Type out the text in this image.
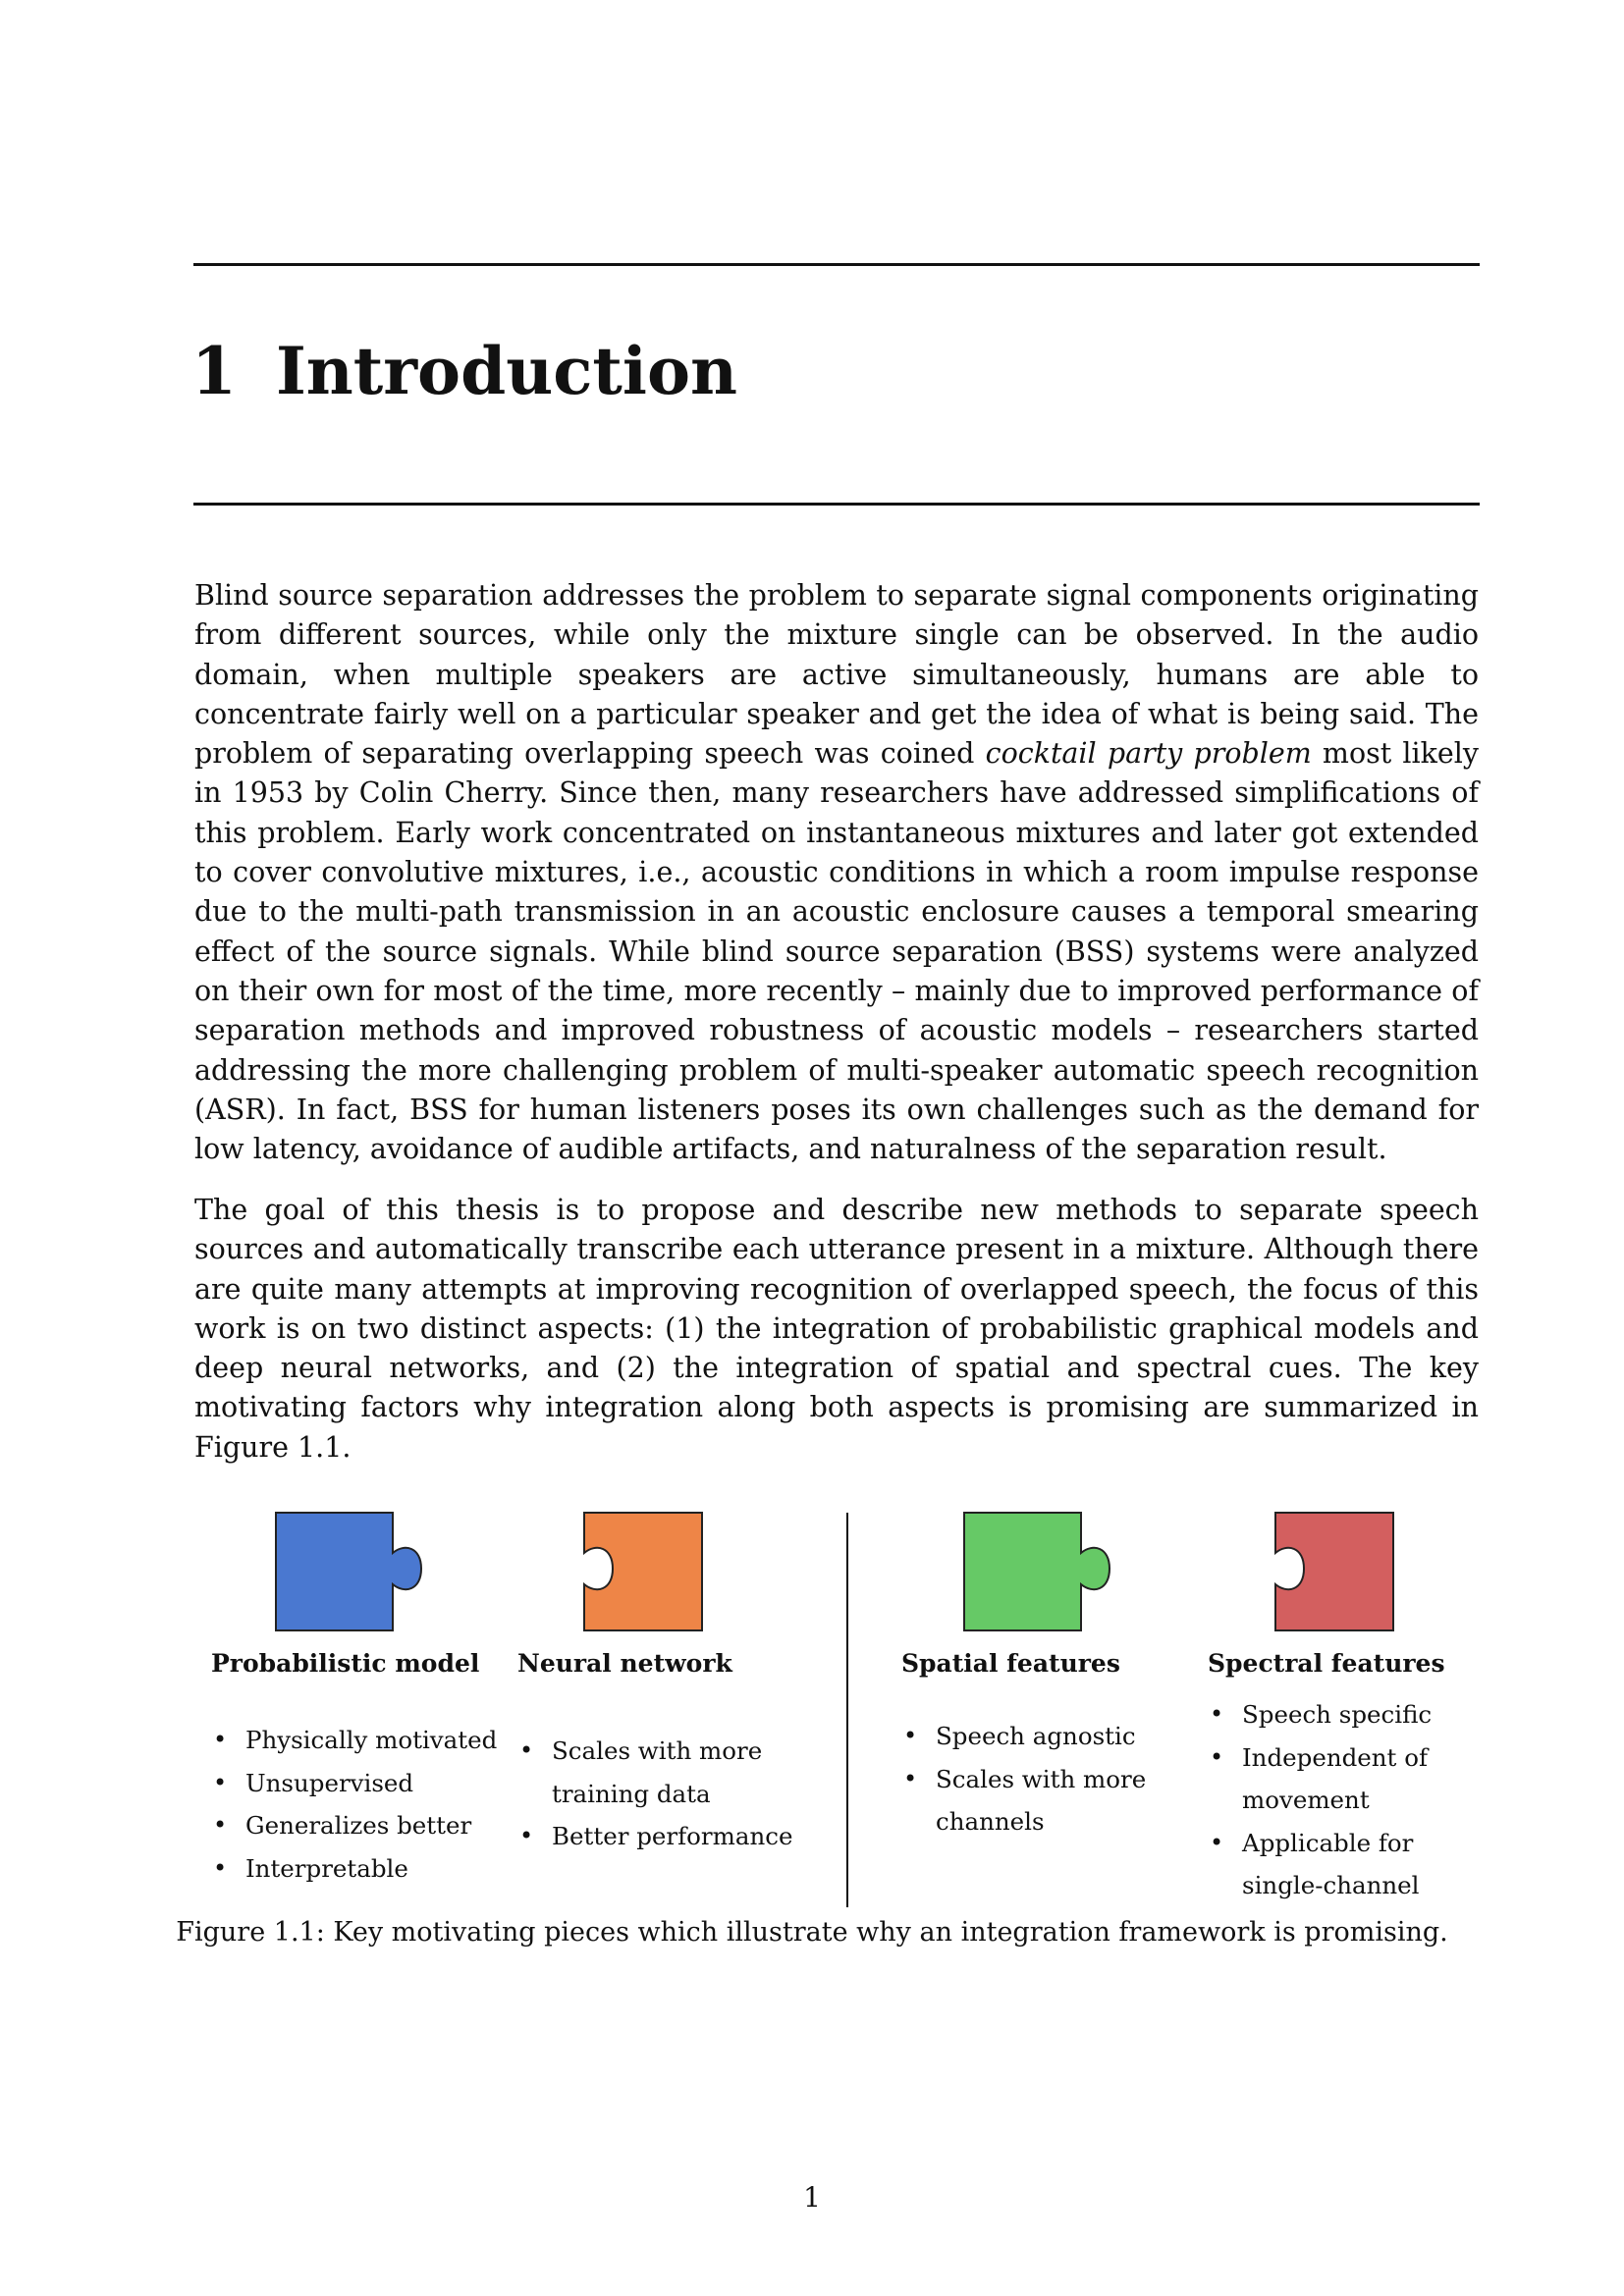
1 Introduction

Blind source separation addresses the problem to separate signal components originating from different sources, while only the mixture single can be observed. In the audio domain, when multiple speakers are active simultaneously, humans are able to concentrate fairly well on a particular speaker and get the idea of what is being said. The problem of separating overlapping speech was coined cocktail party problem most likely in 1953 by Colin Cherry. Since then, many researchers have addressed simplifications of this problem. Early work concentrated on instantaneous mixtures and later got extended to cover convolutive mixtures, i.e., acoustic conditions in which a room impulse response due to the multi-path transmission in an acoustic enclosure causes a temporal smearing effect of the source signals. While blind source separation (BSS) systems were analyzed on their own for most of the time, more recently – mainly due to improved performance of separation methods and improved robustness of acoustic models – researchers started addressing the more challenging problem of multi-speaker automatic speech recognition (ASR). In fact, BSS for human listeners poses its own challenges such as the demand for low latency, avoidance of audible artifacts, and naturalness of the separation result.

The goal of this thesis is to propose and describe new methods to separate speech sources and automatically transcribe each utterance present in a mixture. Although there are quite many attempts at improving recognition of overlapped speech, the focus of this work is on two distinct aspects: (1) the integration of probabilistic graphical models and deep neural networks, and (2) the integration of spatial and spectral cues. The key motivating factors why integration along both aspects is promising are summarized in Figure 1.1.

Probabilistic model Neural network	Spatial features	Spectral features

• Physically motivated
• Unsupervised
• Generalizes better
• Interpretable
• Scales with more training data
• Better performance
• Speech agnostic
• Scales with more channels
• Speech specific
• Independent of movement
• Applicable for single-channel

Figure 1.1: Key motivating pieces which illustrate why an integration framework is promising.

1
